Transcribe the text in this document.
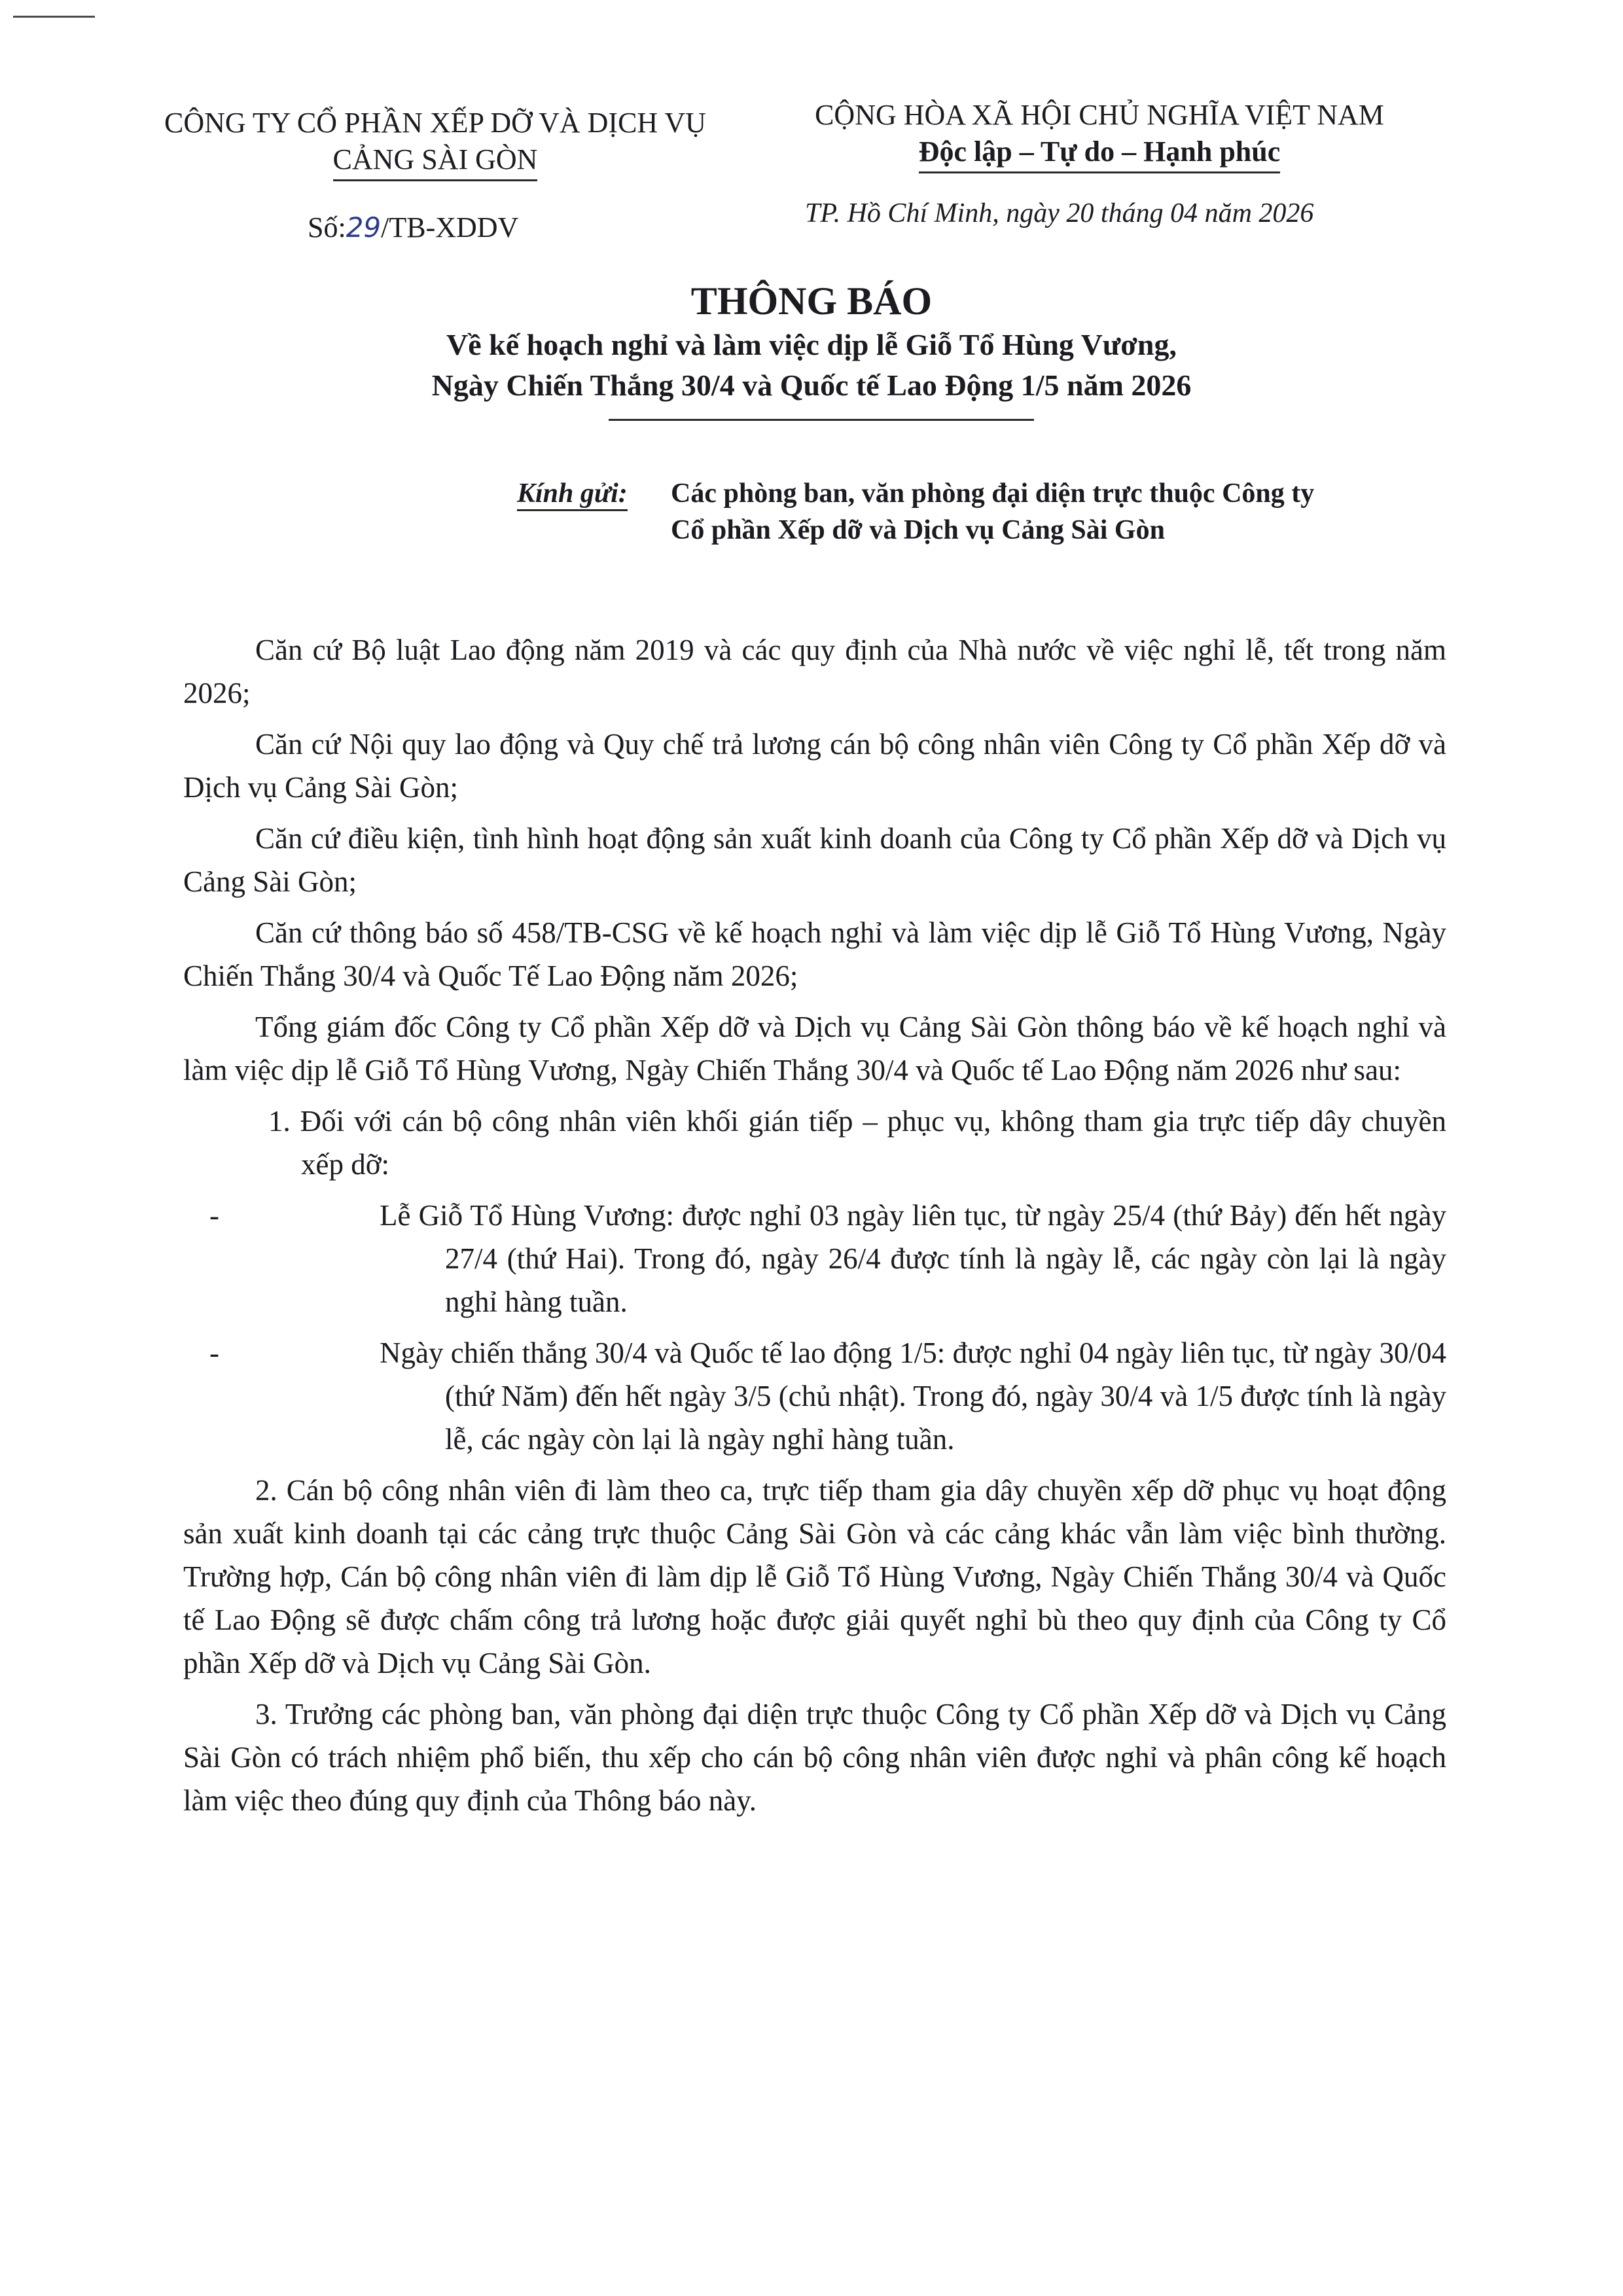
CÔNG TY CỔ PHẦN XẾP DỠ VÀ DỊCH VỤ
CẢNG SÀI GÒN
CỘNG HÒA XÃ HỘI CHỦ NGHĨA VIỆT NAM
Độc lập – Tự do – Hạnh phúc
Số:29/TB-XDDV	TP. Hồ Chí Minh, ngày 20 tháng 04 năm 2026
THÔNG BÁO
Về kế hoạch nghỉ và làm việc dịp lễ Giỗ Tổ Hùng Vương,
Ngày Chiến Thắng 30/4 và Quốc tế Lao Động 1/5 năm 2026
Kính gửi: Các phòng ban, văn phòng đại diện trực thuộc Công ty Cổ phần Xếp dỡ và Dịch vụ Cảng Sài Gòn

Căn cứ Bộ luật Lao động năm 2019 và các quy định của Nhà nước về việc nghỉ lễ, tết trong năm 2026;

Căn cứ Nội quy lao động và Quy chế trả lương cán bộ công nhân viên Công ty Cổ phần Xếp dỡ và Dịch vụ Cảng Sài Gòn;

Căn cứ điều kiện, tình hình hoạt động sản xuất kinh doanh của Công ty Cổ phần Xếp dỡ và Dịch vụ Cảng Sài Gòn;

Căn cứ thông báo số 458/TB-CSG về kế hoạch nghỉ và làm việc dịp lễ Giỗ Tổ Hùng Vương, Ngày Chiến Thắng 30/4 và Quốc Tế Lao Động năm 2026;

Tổng giám đốc Công ty Cổ phần Xếp dỡ và Dịch vụ Cảng Sài Gòn thông báo về kế hoạch nghỉ và làm việc dịp lễ Giỗ Tổ Hùng Vương, Ngày Chiến Thắng 30/4 và Quốc tế Lao Động năm 2026 như sau:

1. Đối với cán bộ công nhân viên khối gián tiếp – phục vụ, không tham gia trực tiếp dây chuyền xếp dỡ:
-	Lễ Giỗ Tổ Hùng Vương: được nghỉ 03 ngày liên tục, từ ngày 25/4 (thứ Bảy) đến hết ngày 27/4 (thứ Hai). Trong đó, ngày 26/4 được tính là ngày lễ, các ngày còn lại là ngày nghỉ hàng tuần.
-	Ngày chiến thắng 30/4 và Quốc tế lao động 1/5: được nghỉ 04 ngày liên tục, từ ngày 30/04 (thứ Năm) đến hết ngày 3/5 (chủ nhật). Trong đó, ngày 30/4 và 1/5 được tính là ngày lễ, các ngày còn lại là ngày nghỉ hàng tuần.

2. Cán bộ công nhân viên đi làm theo ca, trực tiếp tham gia dây chuyền xếp dỡ phục vụ hoạt động sản xuất kinh doanh tại các cảng trực thuộc Cảng Sài Gòn và các cảng khác vẫn làm việc bình thường. Trường hợp, Cán bộ công nhân viên đi làm dịp lễ Giỗ Tổ Hùng Vương, Ngày Chiến Thắng 30/4 và Quốc tế Lao Động sẽ được chấm công trả lương hoặc được giải quyết nghỉ bù theo quy định của Công ty Cổ phần Xếp dỡ và Dịch vụ Cảng Sài Gòn.

3. Trưởng các phòng ban, văn phòng đại diện trực thuộc Công ty Cổ phần Xếp dỡ và Dịch vụ Cảng Sài Gòn có trách nhiệm phổ biến, thu xếp cho cán bộ công nhân viên được nghỉ và phân công kế hoạch làm việc theo đúng quy định của Thông báo này.
